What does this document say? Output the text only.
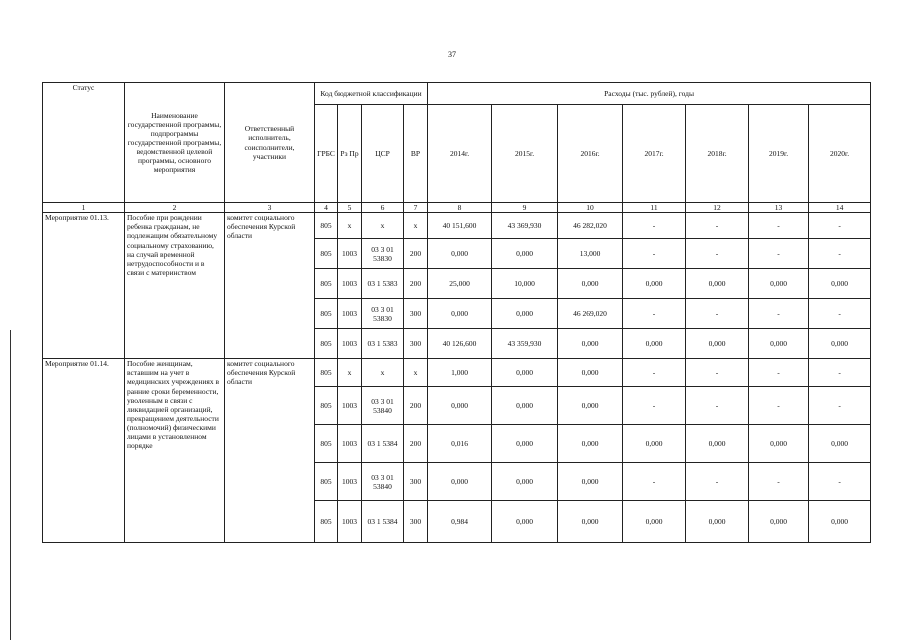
37
Статус	Наименование государственной программы, подпрограммы государственной программы, ведомственной целевой программы, основного мероприятия	Ответственный исполнитель, соисполнители, участники	Код бюджетной классификации				Расходы (тыс. рублей), годы						
			ГРБС	Рз Пр	ЦСР	ВР	2014г.	2015г.	2016г.	2017г.	2018г.	2019г.	2020г.
1	2	3	4	5	6	7	8	9	10	11	12	13	14
Мероприятие 01.13.	Пособие при рождении ребенка гражданам, не подлежащим обязательному социальному страхованию, на случай временной нетрудоспособности и в связи с материнством	комитет социального обеспечения Курской области	805	х	х	х	40 151,600	43 369,930	46 282,020	-	-	-	-
			805	1003	03 3 01 53830	200	0,000	0,000	13,000	-	-	-	-
			805	1003	03 1 5383	200	25,000	10,000	0,000	0,000	0,000	0,000	0,000
			805	1003	03 3 01 53830	300	0,000	0,000	46 269,020	-	-	-	-
			805	1003	03 1 5383	300	40 126,600	43 359,930	0,000	0,000	0,000	0,000	0,000
Мероприятие 01.14.	Пособие женщинам, вставшим на учет в медицинских учреждениях в ранние сроки беременности, уволенным в связи с ликвидацией организаций, прекращением деятельности (полномочий) физическими лицами в установленном порядке	комитет социального обеспечения Курской области	805	х	х	х	1,000	0,000	0,000	-	-	-	-
			805	1003	03 3 01 53840	200	0,000	0,000	0,000	-	-	-	-
			805	1003	03 1 5384	200	0,016	0,000	0,000	0,000	0,000	0,000	0,000
			805	1003	03 3 01 53840	300	0,000	0,000	0,000	-	-	-	-
			805	1003	03 1 5384	300	0,984	0,000	0,000	0,000	0,000	0,000	0,000
